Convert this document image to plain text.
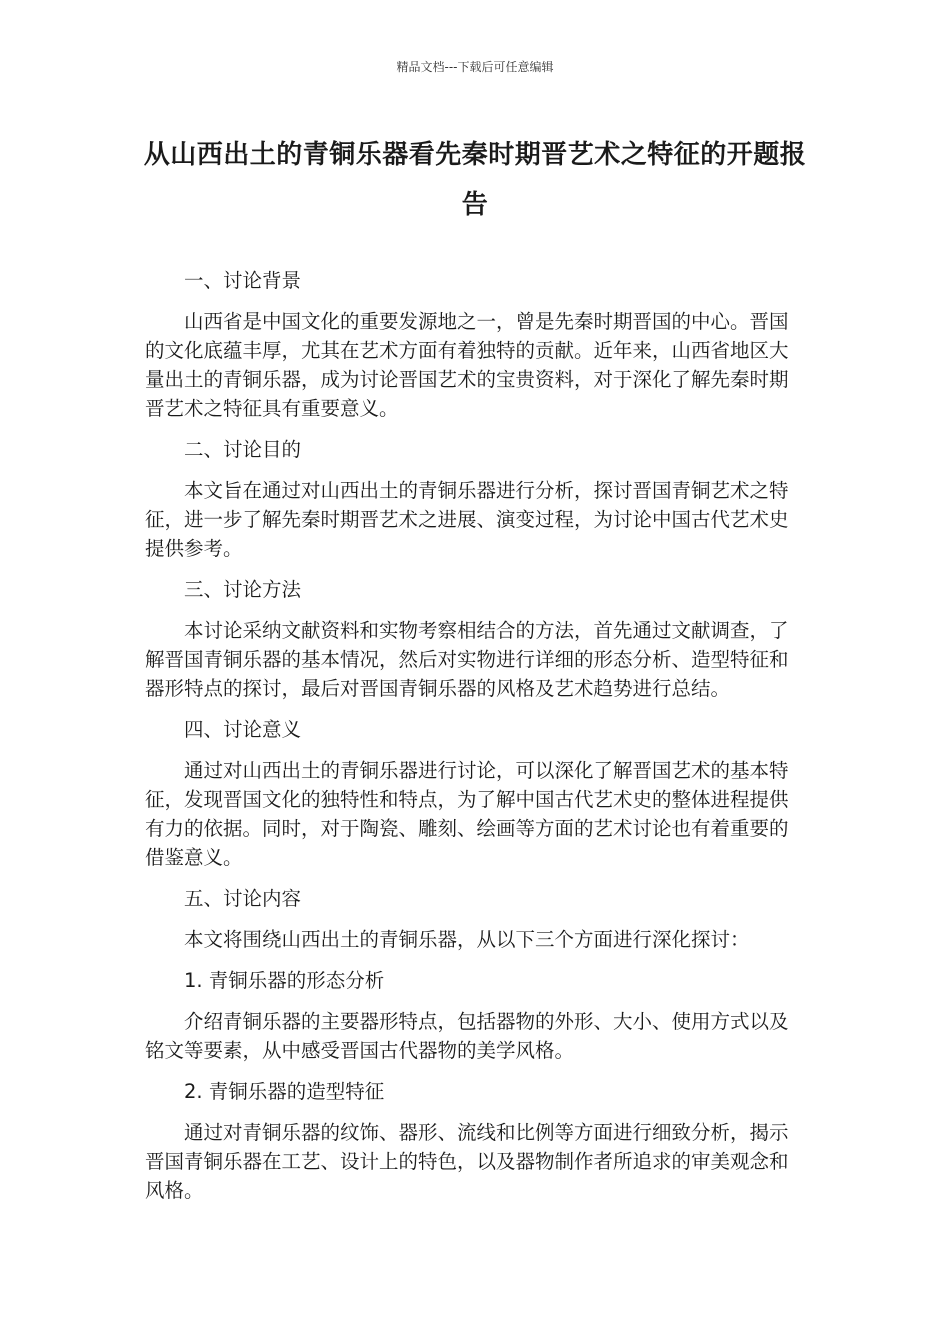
精品文档---下载后可任意编辑
从山西出土的青铜乐器看先秦时期晋艺术之特征的开题报告
一、讨论背景
山西省是中国文化的重要发源地之一，曾是先秦时期晋国的中心。晋国的文化底蕴丰厚，尤其在艺术方面有着独特的贡献。近年来，山西省地区大量出土的青铜乐器，成为讨论晋国艺术的宝贵资料，对于深化了解先秦时期晋艺术之特征具有重要意义。
二、讨论目的
本文旨在通过对山西出土的青铜乐器进行分析，探讨晋国青铜艺术之特征，进一步了解先秦时期晋艺术之进展、演变过程，为讨论中国古代艺术史提供参考。
三、讨论方法
本讨论采纳文献资料和实物考察相结合的方法，首先通过文献调查，了解晋国青铜乐器的基本情况，然后对实物进行详细的形态分析、造型特征和器形特点的探讨，最后对晋国青铜乐器的风格及艺术趋势进行总结。
四、讨论意义
通过对山西出土的青铜乐器进行讨论，可以深化了解晋国艺术的基本特征，发现晋国文化的独特性和特点，为了解中国古代艺术史的整体进程提供有力的依据。同时，对于陶瓷、雕刻、绘画等方面的艺术讨论也有着重要的借鉴意义。
五、讨论内容
本文将围绕山西出土的青铜乐器，从以下三个方面进行深化探讨：
1. 青铜乐器的形态分析
介绍青铜乐器的主要器形特点，包括器物的外形、大小、使用方式以及铭文等要素，从中感受晋国古代器物的美学风格。
2. 青铜乐器的造型特征
通过对青铜乐器的纹饰、器形、流线和比例等方面进行细致分析，揭示晋国青铜乐器在工艺、设计上的特色，以及器物制作者所追求的审美观念和风格。
